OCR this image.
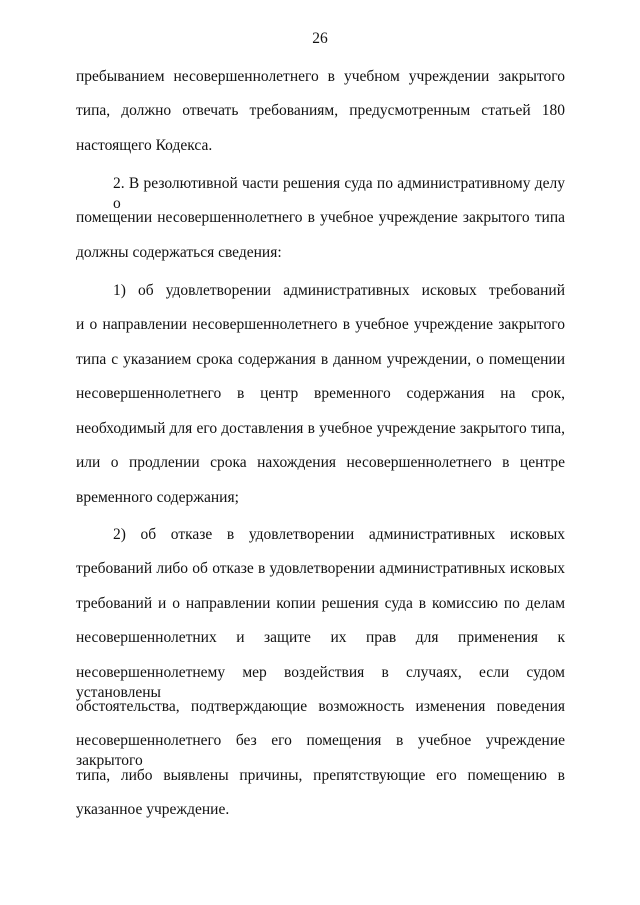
26
пребыванием несовершеннолетнего в учебном учреждении закрытого
типа, должно отвечать требованиям, предусмотренным статьей 180
настоящего Кодекса.
2. В резолютивной части решения суда по административному делу о
помещении несовершеннолетнего в учебное учреждение закрытого типа
должны содержаться сведения:
1) об удовлетворении административных исковых требований
и о направлении несовершеннолетнего в учебное учреждение закрытого
типа с указанием срока содержания в данном учреждении, о помещении
несовершеннолетнего в центр временного содержания на срок,
необходимый для его доставления в учебное учреждение закрытого типа,
или о продлении срока нахождения несовершеннолетнего в центре
временного содержания;
2) об отказе в удовлетворении административных исковых
требований либо об отказе в удовлетворении административных исковых
требований и о направлении копии решения суда в комиссию по делам
несовершеннолетних и защите их прав для применения к
несовершеннолетнему мер воздействия в случаях, если судом установлены
обстоятельства, подтверждающие возможность изменения поведения
несовершеннолетнего без его помещения в учебное учреждение закрытого
типа, либо выявлены причины, препятствующие его помещению в
указанное учреждение.
